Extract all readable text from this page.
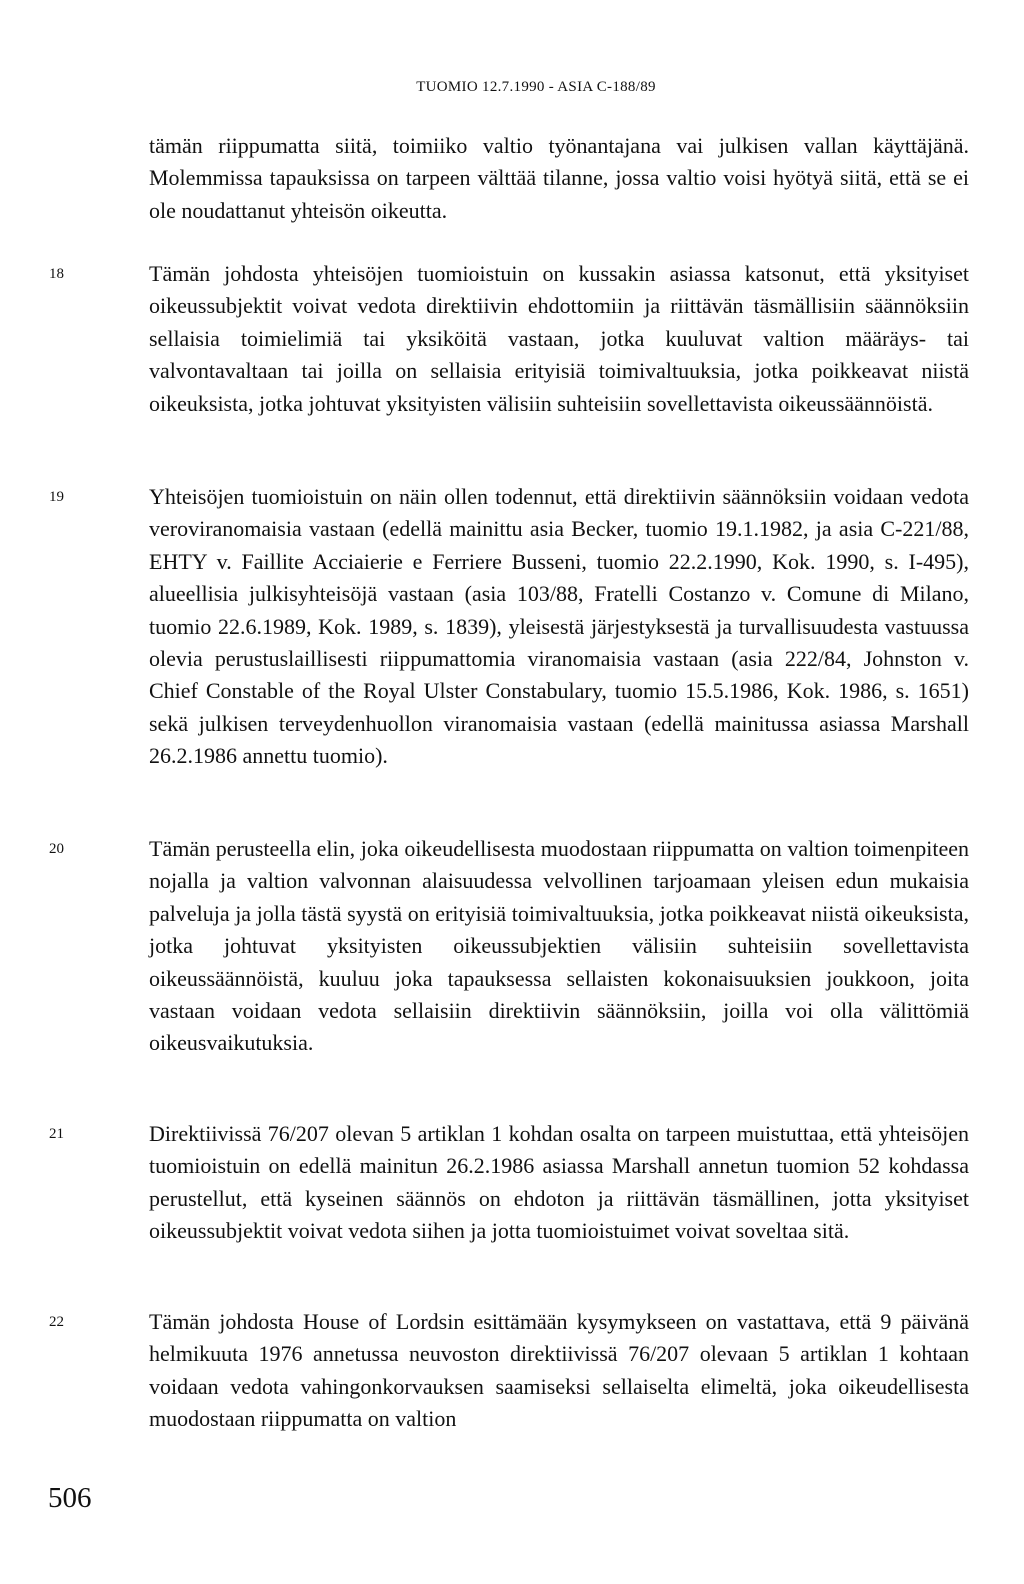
TUOMIO 12.7.1990 - ASIA C-188/89

tämän riippumatta siitä, toimiiko valtio työnantajana vai julkisen vallan käyttäjänä. Molemmissa tapauksissa on tarpeen välttää tilanne, jossa valtio voisi hyötyä siitä, että se ei ole noudattanut yhteisön oikeutta.

18	Tämän johdosta yhteisöjen tuomioistuin on kussakin asiassa katsonut, että yksityiset oikeussubjektit voivat vedota direktiivin ehdottomiin ja riittävän täsmällisiin säännöksiin sellaisia toimielimiä tai yksiköitä vastaan, jotka kuuluvat valtion määräys- tai valvontavaltaan tai joilla on sellaisia erityisiä toimivaltuuksia, jotka poikkeavat niistä oikeuksista, jotka johtuvat yksityisten välisiin suhteisiin sovellettavista oikeussäännöistä.
19	Yhteisöjen tuomioistuin on näin ollen todennut, että direktiivin säännöksiin voidaan vedota veroviranomaisia vastaan (edellä mainittu asia Becker, tuomio 19.1.1982, ja asia C-221/88, EHTY v. Faillite Acciaierie e Ferriere Busseni, tuomio 22.2.1990, Kok. 1990, s. I-495), alueellisia julkisyhteisöjä vastaan (asia 103/88, Fratelli Costanzo v. Comune di Milano, tuomio 22.6.1989, Kok. 1989, s. 1839), yleisestä järjestyksestä ja turvallisuudesta vastuussa olevia perustuslaillisesti riippumattomia viranomaisia vastaan (asia 222/84, Johnston v. Chief Constable of the Royal Ulster Constabulary, tuomio 15.5.1986, Kok. 1986, s. 1651) sekä julkisen terveydenhuollon viranomaisia vastaan (edellä mainitussa asiassa Marshall 26.2.1986 annettu tuomio).
20	Tämän perusteella elin, joka oikeudellisesta muodostaan riippumatta on valtion toimenpiteen nojalla ja valtion valvonnan alaisuudessa velvollinen tarjoamaan yleisen edun mukaisia palveluja ja jolla tästä syystä on erityisiä toimivaltuuksia, jotka poikkeavat niistä oikeuksista, jotka johtuvat yksityisten oikeussubjektien välisiin suhteisiin sovellettavista oikeussäännöistä, kuuluu joka tapauksessa sellaisten kokonaisuuksien joukkoon, joita vastaan voidaan vedota sellaisiin direktiivin säännöksiin, joilla voi olla välittömiä oikeusvaikutuksia.
21	Direktiivissä 76/207 olevan 5 artiklan 1 kohdan osalta on tarpeen muistuttaa, että yhteisöjen tuomioistuin on edellä mainitun 26.2.1986 asiassa Marshall annetun tuomion 52 kohdassa perustellut, että kyseinen säännös on ehdoton ja riittävän täsmällinen, jotta yksityiset oikeussubjektit voivat vedota siihen ja jotta tuomioistuimet voivat soveltaa sitä.
22	Tämän johdosta House of Lordsin esittämään kysymykseen on vastattava, että 9 päivänä helmikuuta 1976 annetussa neuvoston direktiivissä 76/207 olevaan 5 artiklan 1 kohtaan voidaan vedota vahingonkorvauksen saamiseksi sellaiselta elimeltä, joka oikeudellisesta muodostaan riippumatta on valtion
506
